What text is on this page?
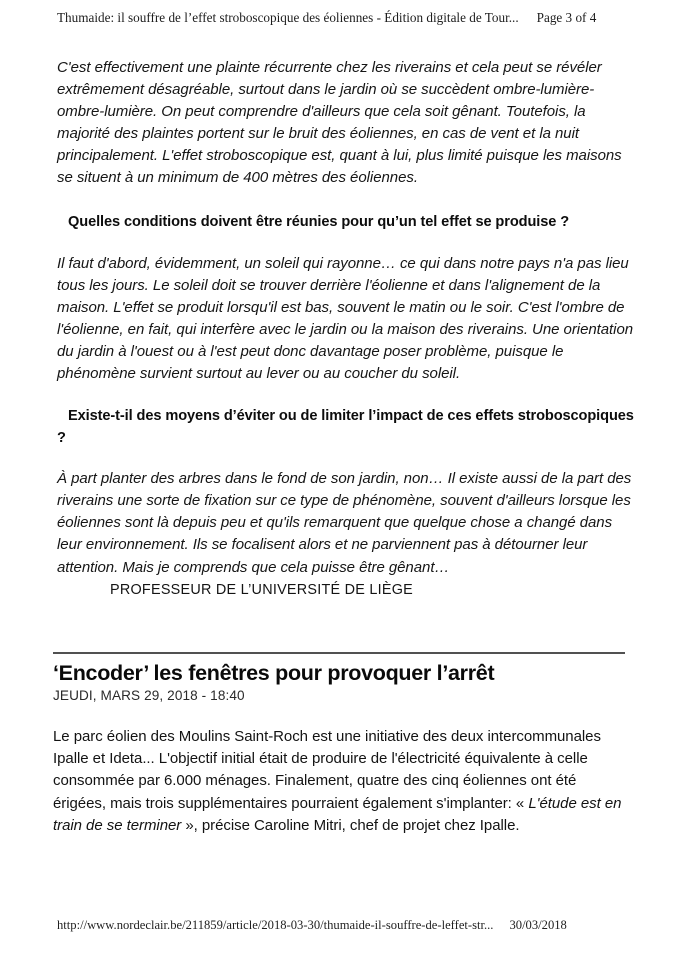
Thumaide: il souffre de l’effet stroboscopique des éoliennes - Édition digitale de Tour... Page 3 of 4

C'est effectivement une plainte récurrente chez les riverains et cela peut se révéler extrêmement désagréable, surtout dans le jardin où se succèdent ombre-lumière-ombre-lumière. On peut comprendre d'ailleurs que cela soit gênant. Toutefois, la majorité des plaintes portent sur le bruit des éoliennes, en cas de vent et la nuit principalement. L'effet stroboscopique est, quant à lui, plus limité puisque les maisons se situent à un minimum de 400 mètres des éoliennes.

Quelles conditions doivent être réunies pour qu’un tel effet se produise ?

Il faut d'abord, évidemment, un soleil qui rayonne… ce qui dans notre pays n'a pas lieu tous les jours. Le soleil doit se trouver derrière l'éolienne et dans l'alignement de la maison. L'effet se produit lorsqu'il est bas, souvent le matin ou le soir. C'est l'ombre de l'éolienne, en fait, qui interfère avec le jardin ou la maison des riverains. Une orientation du jardin à l'ouest ou à l'est peut donc davantage poser problème, puisque le phénomène survient surtout au lever ou au coucher du soleil.

Existe-t-il des moyens d’éviter ou de limiter l’impact de ces effets stroboscopiques ?

À part planter des arbres dans le fond de son jardin, non… Il existe aussi de la part des riverains une sorte de fixation sur ce type de phénomène, souvent d'ailleurs lorsque les éoliennes sont là depuis peu et qu'ils remarquent que quelque chose a changé dans leur environnement. Ils se focalisent alors et ne parviennent pas à détourner leur attention. Mais je comprends que cela puisse être gênant…

PROFESSEUR DE L’UNIVERSITÉ DE LIÈGE
‘Encoder’ les fenêtres pour provoquer l’arrêt
JEUDI, MARS 29, 2018 - 18:40

Le parc éolien des Moulins Saint-Roch est une initiative des deux intercommunales Ipalle et Ideta... L'objectif initial était de produire de l'électricité équivalente à celle consommée par 6.000 ménages. Finalement, quatre des cinq éoliennes ont été érigées, mais trois supplémentaires pourraient également s'implanter: « L'étude est en train de se terminer », précise Caroline Mitri, chef de projet chez Ipalle.

http://www.nordeclair.be/211859/article/2018-03-30/thumaide-il-souffre-de-leffet-str... 30/03/2018
